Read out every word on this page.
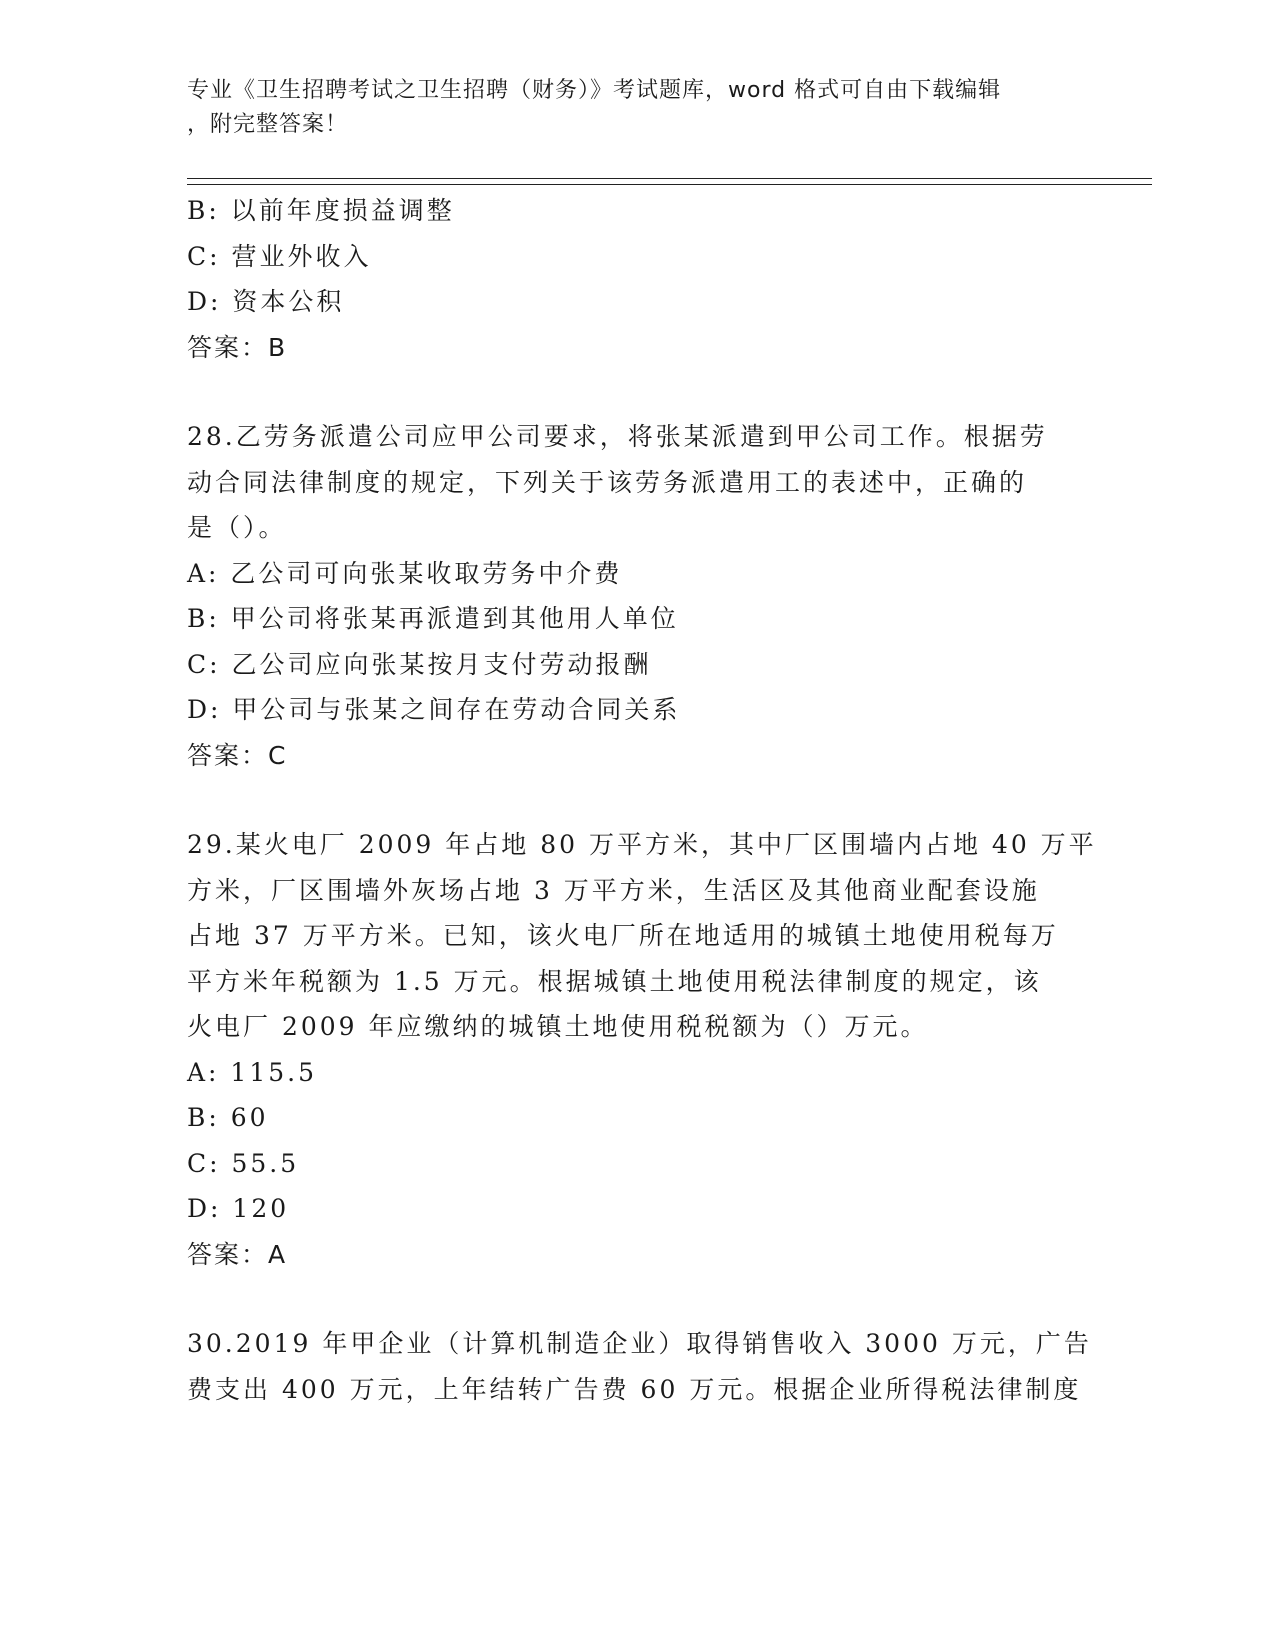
专业《卫生招聘考试之卫生招聘（财务）》考试题库，word 格式可自由下载编辑
，附完整答案！
B: 以前年度损益调整
C: 营业外收入
D: 资本公积
答案：B
28.乙劳务派遣公司应甲公司要求，将张某派遣到甲公司工作。根据劳
动合同法律制度的规定，下列关于该劳务派遣用工的表述中，正确的
是（）。
A: 乙公司可向张某收取劳务中介费
B: 甲公司将张某再派遣到其他用人单位
C: 乙公司应向张某按月支付劳动报酬
D: 甲公司与张某之间存在劳动合同关系
答案：C
29.某火电厂 2009 年占地 80 万平方米，其中厂区围墙内占地 40 万平
方米，厂区围墙外灰场占地 3 万平方米，生活区及其他商业配套设施
占地 37 万平方米。已知，该火电厂所在地适用的城镇土地使用税每万
平方米年税额为 1.5 万元。根据城镇土地使用税法律制度的规定，该
火电厂 2009 年应缴纳的城镇土地使用税税额为（）万元。
A: 115.5
B: 60
C: 55.5
D: 120
答案：A
30.2019 年甲企业（计算机制造企业）取得销售收入 3000 万元，广告
费支出 400 万元，上年结转广告费 60 万元。根据企业所得税法律制度
